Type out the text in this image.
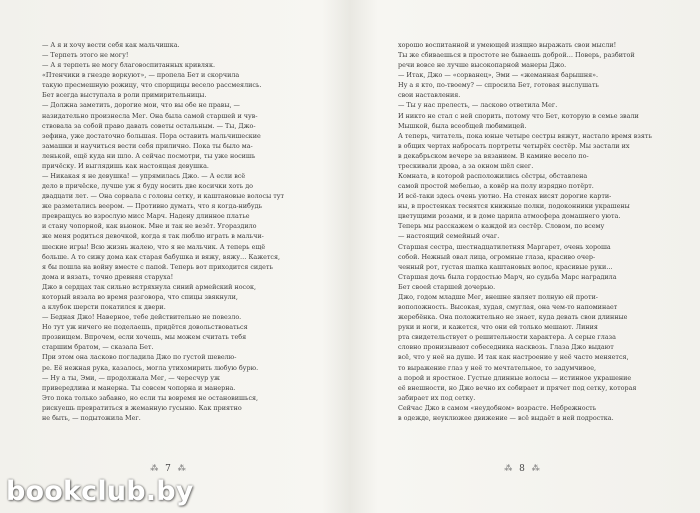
— А я и хочу вести себя как мальчишка.

— Терпеть этого не могу!

— А я терпеть не могу благовоспитанных кривляк.

«Птенчики в гнезде воркуют», — пропела Бет и скорчила

такую пресмешную рожицу, что спорщицы весело рассмеялись.

Бет всегда выступала в роли примирительницы.

— Должна заметить, дорогие мои, что вы обе не правы, —

назидательно произнесла Мег. Она была самой старшей и чув-

ствовала за собой право давать советы остальным. — Ты, Джо-

зефина, уже достаточно большая. Пора оставить мальчишеские

замашки и научиться вести себя прилично. Пока ты было ма-

ленькой, ещё куда ни шло. А сейчас посмотри, ты уже носишь

причёску. И выглядишь как настоящая девушка.

— Никакая я не девушка! — упрямилась Джо. — А если всё

дело в причёске, лучше уж я буду носить две косички хоть до

двадцати лет. — Она сорвала с головы сетку, и каштановые волосы тут

же разметались веером. — Противно думать, что я когда-нибудь

превращусь во взрослую мисс Марч. Надену длинное платье

и стану чопорной, как вьюнок. Мне и так не везёт. Угораздило

же меня родиться девочкой, когда я так люблю играть в мальчи-

шеские игры! Всю жизнь жалею, что я не мальчик. А теперь ещё

больше. А то сижу дома как старая бабушка и вяжу, вяжу… Кажется,

я бы пошла на войну вместе с папой. Теперь вот приходится сидеть

дома и вязать, точно древняя старуха!

Джо в сердцах так сильно встряхнула синий армейский носок,

который вязала во время разговора, что спицы звякнули,

а клубок шерсти покатился к двери.

— Бедная Джо! Наверное, тебе действительно не повезло.

Но тут уж ничего не поделаешь, придётся довольствоваться

прозвищем. Впрочем, если хочешь, мы можем считать тебя

старшим братом, — сказала Бет.

При этом она ласково погладила Джо по густой шевелю-

ре. Её нежная рука, казалось, могла утихомирить любую бурю.

— Ну а ты, Эми, — продолжала Мег, — чересчур уж

привередлива и манерна. Ты совсем чопорна и манерна.

Это пока только забавно, но если ты вовремя не остановишься,

рискуешь превратиться в жеманную гусыню. Как приятно

не быть, — подытожила Мег.

хорошо воспитанной и умеющей изящно выражать свои мысли!

Ты же сбиваешься в простоте не бываешь доброй… Поверь, разбитой

речи вовсе не лучше высокопарной манеры Джо.

— Итак, Джо — «сорванец», Эми — «жеманная барышня».

Ну а я кто, по-твоему? — спросила Бет, готовая выслушать

свои наставления.

— Ты у нас прелесть, — ласково ответила Мег.

И никто не стал с ней спорить, потому что Бет, которую в семье звали

Мышкой, была всеобщей любимицей.

А теперь, читатель, пока юные четыре сестры вяжут, настало время взять

в общих чертах набросать портреты четырёх сестёр. Мы застали их

в декабрьском вечере за вязанием. В камине весело по-

трескивали дрова, а за окном шёл снег.

Комната, в которой расположились сёстры, обставлена

самой простой мебелью, а ковёр на полу изрядно потёрт.

И всё-таки здесь очень уютно. На стенах висят дорогие карти-

ны, в простенках теснятся книжные полки, подоконники украшены

цветущими розами, и в доме царила атмосфера домашнего уюта.

Теперь мы расскажем о каждой из сестёр. Словом, по всему

— настоящий семейный очаг.

Старшая сестра, шестнадцатилетняя Маргарет, очень хороша

собой. Нежный овал лица, огромные глаза, красиво очер-

ченный рот, густая шапка каштановых волос, красивые руки…

Старшая дочь была гордостью Марч, но судьба Марс наградила

Бет своей старшей дочерью.

Джо, годом младше Мег, внешне являет полную ей проти-

воположность. Высокая, худая, смуглая, она чем-то напоминает

жеребёнка. Она положительно не знает, куда девать свои длинные

руки и ноги, и кажется, что они ей только мешают. Линия

рта свидетельствует о решительности характера. А серые глаза

словно пронизывают собеседника насквозь. Глаза Джо выдают

всё, что у неё на душе. И так как настроение у неё часто меняется,

то выражение глаз у неё то мечтательное, то задумчивое,

а порой и яростное. Густые длинные волосы — истинное украшение

её внешности, но Джо вечно их собирает и прячет под сетку, которая

забирает их под сетку.

Сейчас Джо в самом «неудобном» возрасте. Небрежность

в одежде, неуклюжее движение — всё выдаёт в ней подростка.

⁂ 7 ⁂	⁂ 8 ⁂
bookclub.by
